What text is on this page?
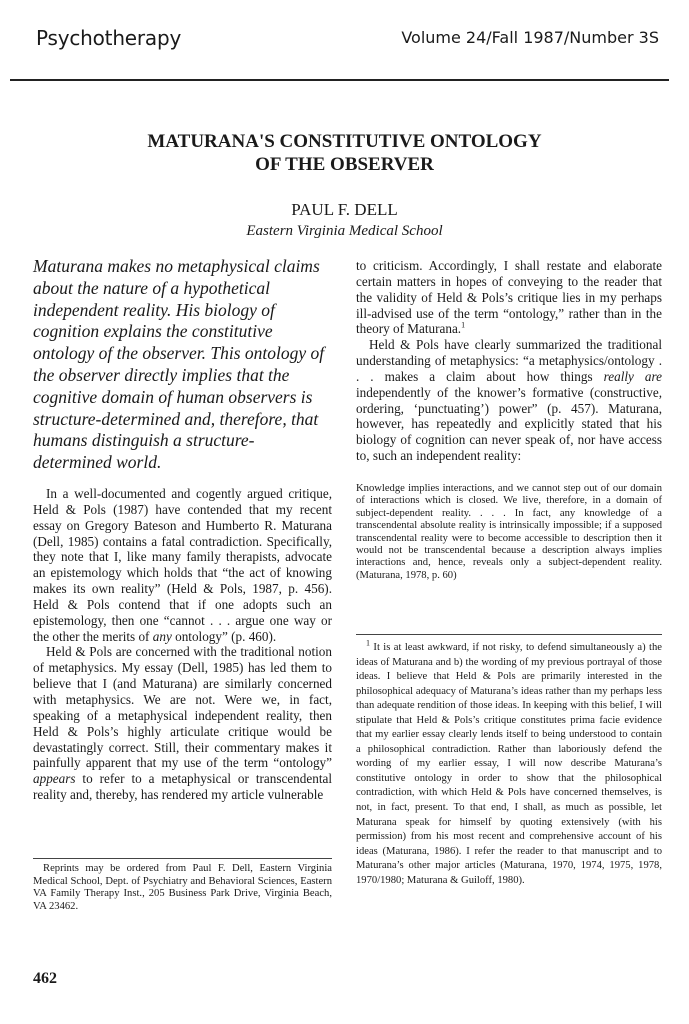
Psychotherapy	Volume 24/Fall 1987/Number 3S
MATURANA'S CONSTITUTIVE ONTOLOGY
OF THE OBSERVER
PAUL F. DELL
Eastern Virginia Medical School

Maturana makes no metaphysical claims about the nature of a hypothetical independent reality. His biology of cognition explains the constitutive ontology of the observer. This ontology of the observer directly implies that the cognitive domain of human observers is structure-determined and, therefore, that humans distinguish a structure-determined world.

In a well-documented and cogently argued critique, Held & Pols (1987) have contended that my recent essay on Gregory Bateson and Humberto R. Maturana (Dell, 1985) contains a fatal contradiction. Specifically, they note that I, like many family therapists, advocate an epistemology which holds that “the act of knowing makes its own reality” (Held & Pols, 1987, p. 456). Held & Pols contend that if one adopts such an epistemology, then one “cannot . . . argue one way or the other the merits of any ontology” (p. 460).

Held & Pols are concerned with the traditional notion of metaphysics. My essay (Dell, 1985) has led them to believe that I (and Maturana) are similarly concerned with metaphysics. We are not. Were we, in fact, speaking of a metaphysical independent reality, then Held & Pols’s highly articulate critique would be devastatingly correct. Still, their commentary makes it painfully apparent that my use of the term “ontology” appears to refer to a metaphysical or transcendental reality and, thereby, has rendered my article vulnerable

to criticism. Accordingly, I shall restate and elaborate certain matters in hopes of conveying to the reader that the validity of Held & Pols’s critique lies in my perhaps ill-advised use of the term “ontology,” rather than in the theory of Maturana.$^1$

Held & Pols have clearly summarized the traditional understanding of metaphysics: “a metaphysics/ontology . . . makes a claim about how things really are independently of the knower’s formative (constructive, ordering, ‘punctuating’) power” (p. 457). Maturana, however, has repeatedly and explicitly stated that his biology of cognition can never speak of, nor have access to, such an independent reality:

Knowledge implies interactions, and we cannot step out of our domain of interactions which is closed. We live, therefore, in a domain of subject-dependent reality. . . . In fact, any knowledge of a transcendental absolute reality is intrinsically impossible; if a supposed transcendental reality were to become accessible to description then it would not be transcendental because a description always implies interactions and, hence, reveals only a subject-dependent reality. (Maturana, 1978, p. 60)

$^1$ It is at least awkward, if not risky, to defend simultaneously a) the ideas of Maturana and b) the wording of my previous portrayal of those ideas. I believe that Held & Pols are primarily interested in the philosophical adequacy of Maturana’s ideas rather than my perhaps less than adequate rendition of those ideas. In keeping with this belief, I will stipulate that Held & Pols’s critique constitutes prima facie evidence that my earlier essay clearly lends itself to being understood to contain a philosophical contradiction. Rather than laboriously defend the wording of my earlier essay, I will now describe Maturana’s constitutive ontology in order to show that the philosophical contradiction, with which Held & Pols have concerned themselves, is not, in fact, present. To that end, I shall, as much as possible, let Maturana speak for himself by quoting extensively (with his permission) from his most recent and comprehensive account of his ideas (Maturana, 1986). I refer the reader to that manuscript and to Maturana’s other major articles (Maturana, 1970, 1974, 1975, 1978, 1970/1980; Maturana & Guiloff, 1980).

Reprints may be ordered from Paul F. Dell, Eastern Virginia Medical School, Dept. of Psychiatry and Behavioral Sciences, Eastern VA Family Therapy Inst., 205 Business Park Drive, Virginia Beach, VA 23462.

462
